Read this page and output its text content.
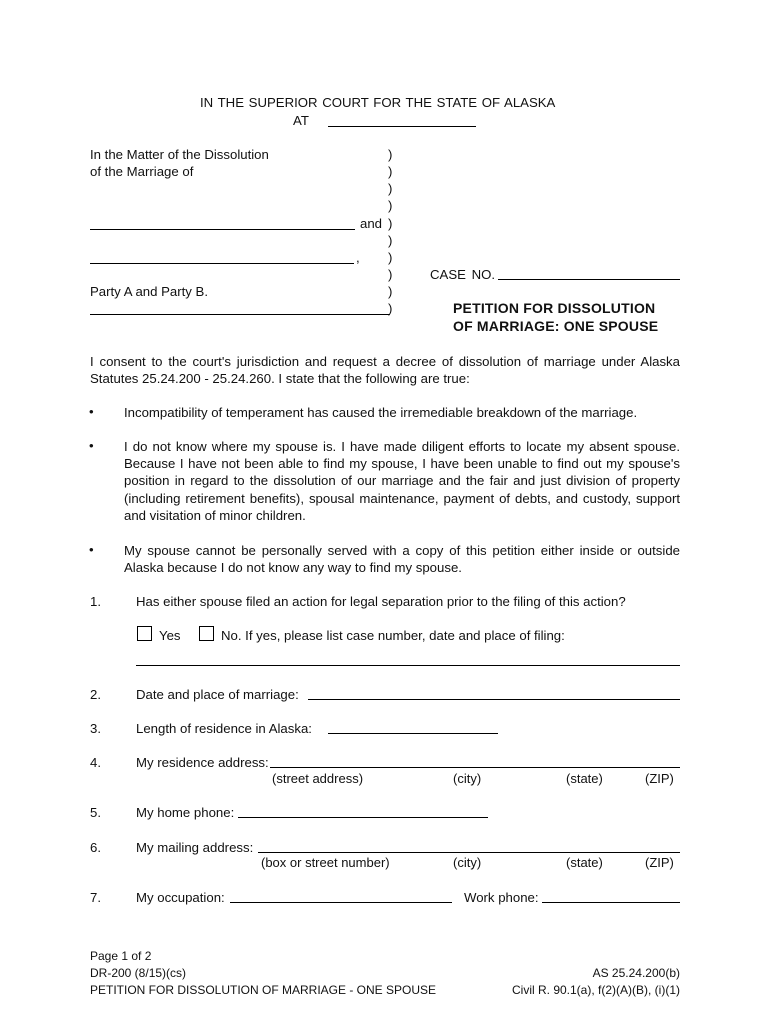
IN THE SUPERIOR COURT FOR THE STATE OF ALASKA
AT
In the Matter of the Dissolution
of the Marriage of
and
,
Party A and Party B.
)
)
)
)
)
)
)
)
)
)
CASE NO.
PETITION FOR DISSOLUTION
OF MARRIAGE: ONE SPOUSE
I consent to the court's jurisdiction and request a decree of dissolution of marriage under Alaska Statutes 25.24.200 - 25.24.260. I state that the following are true:
• Incompatibility of temperament has caused the irremediable breakdown of the marriage.
• I do not know where my spouse is. I have made diligent efforts to locate my absent spouse. Because I have not been able to find my spouse, I have been unable to find out my spouse's position in regard to the dissolution of our marriage and the fair and just division of property (including retirement benefits), spousal maintenance, payment of debts, and custody, support and visitation of minor children.
• My spouse cannot be personally served with a copy of this petition either inside or outside Alaska because I do not know any way to find my spouse.
1.	Has either spouse filed an action for legal separation prior to the filing of this action?
Yes	No. If yes, please list case number, date and place of filing:
2.	Date and place of marriage:
3.	Length of residence in Alaska:
4.	My residence address:
(street address)	(city)	(state)	(ZIP)
5.	My home phone:
6.	My mailing address:
(box or street number)	(city)	(state)	(ZIP)
7.	My occupation:	Work phone:
Page 1 of 2
DR-200 (8/15)(cs)
PETITION FOR DISSOLUTION OF MARRIAGE - ONE SPOUSE
AS 25.24.200(b)
Civil R. 90.1(a), f(2)(A)(B), (i)(1)
